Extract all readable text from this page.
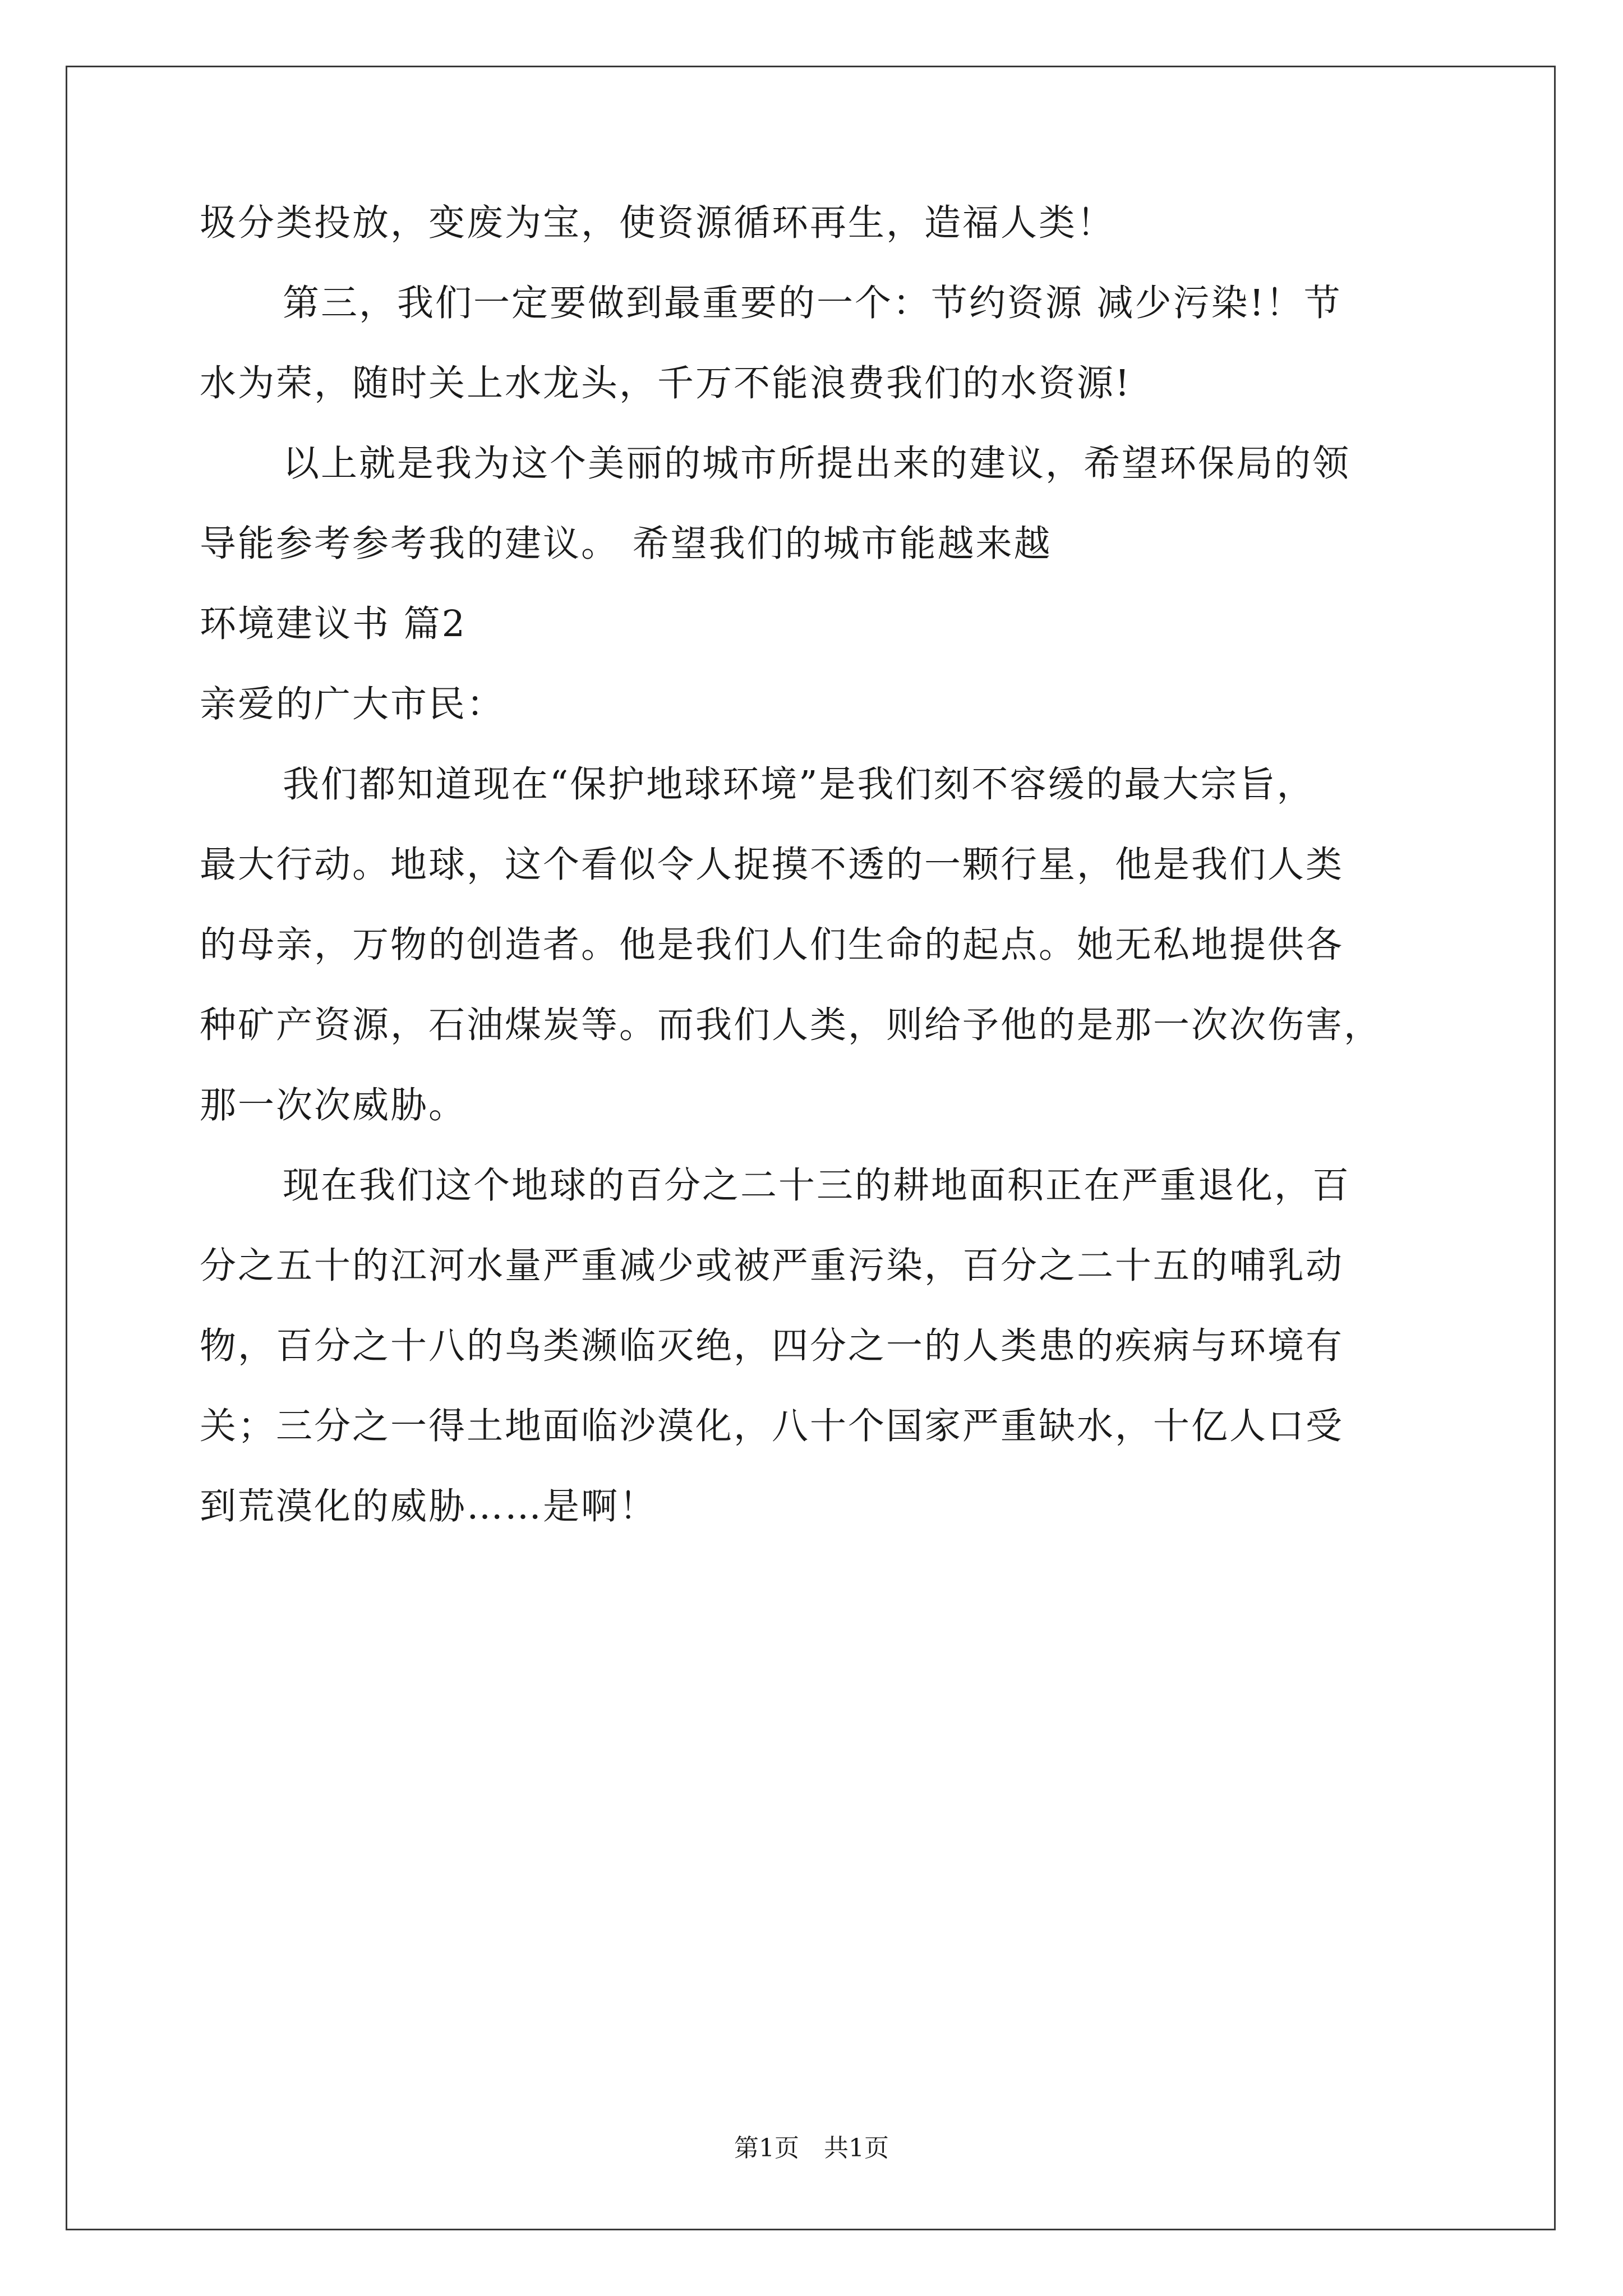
圾分类投放，变废为宝，使资源循环再生，造福人类！
第三，我们一定要做到最重要的一个：节约资源 减少污染!！节
水为荣，随时关上水龙头，千万不能浪费我们的水资源!
以上就是我为这个美丽的城市所提出来的建议，希望环保局的领
导能参考参考我的建议。 希望我们的城市能越来越
环境建议书 篇2
亲爱的广大市民：
我们都知道现在“保护地球环境”是我们刻不容缓的最大宗旨，
最大行动。地球，这个看似令人捉摸不透的一颗行星，他是我们人类
的母亲，万物的创造者。他是我们人们生命的起点。她无私地提供各
种矿产资源，石油煤炭等。而我们人类，则给予他的是那一次次伤害，
那一次次威胁。
现在我们这个地球的百分之二十三的耕地面积正在严重退化，百
分之五十的江河水量严重减少或被严重污染，百分之二十五的哺乳动
物，百分之十八的鸟类濒临灭绝，四分之一的人类患的疾病与环境有
关；三分之一得土地面临沙漠化，八十个国家严重缺水，十亿人口受
到荒漠化的威胁……是啊！
第1页　共1页
